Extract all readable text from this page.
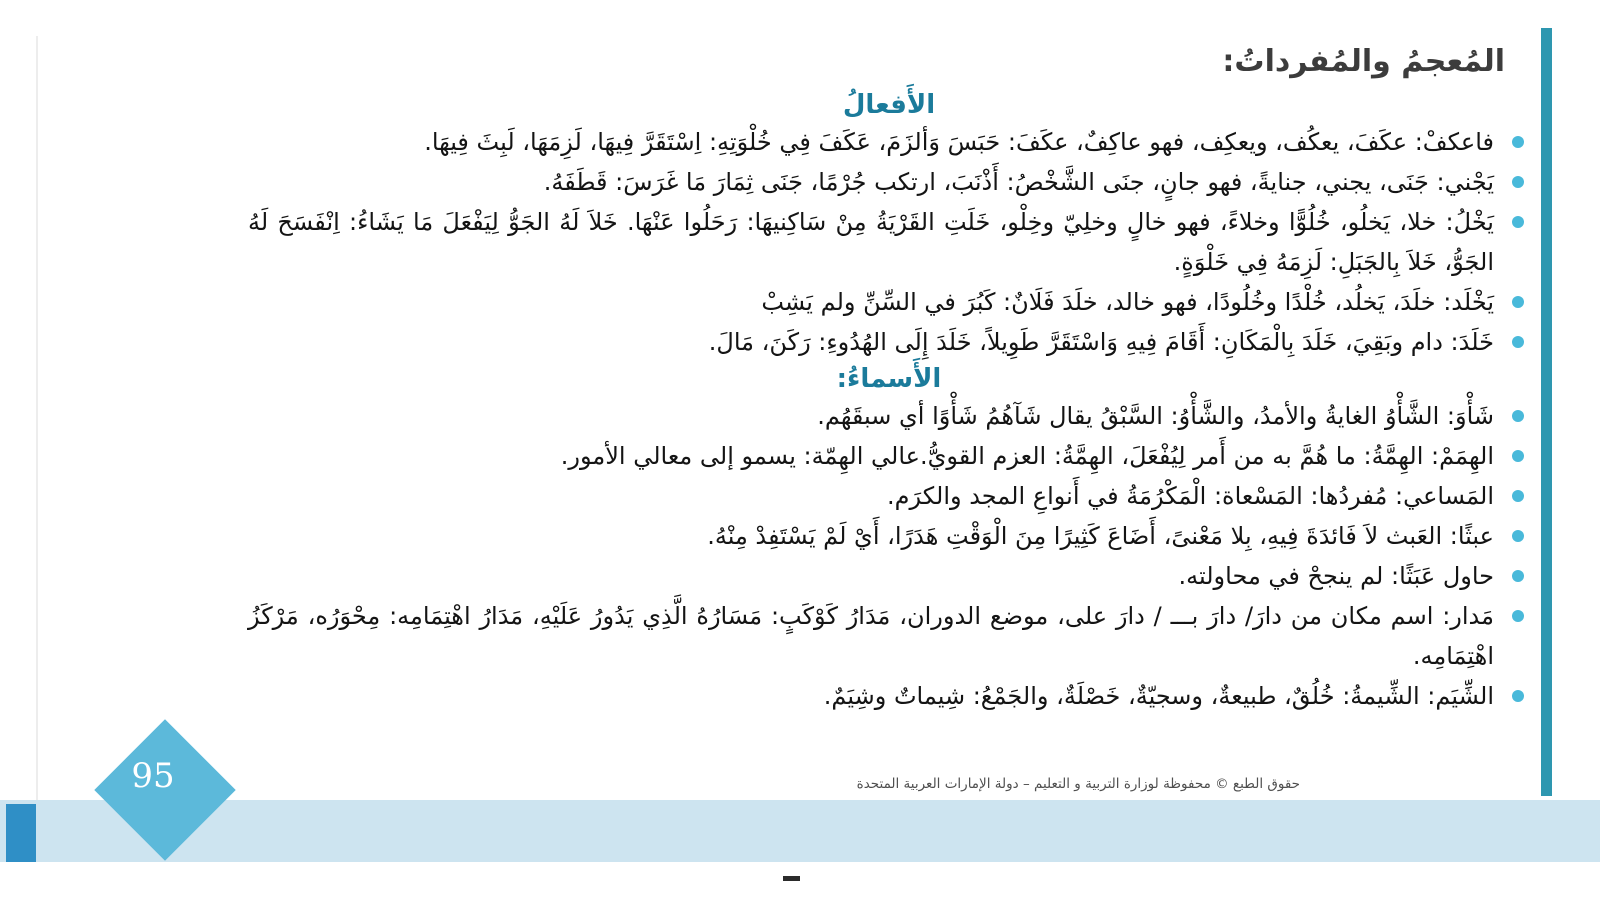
المُعجمُ والمُفرداتُ:
الأَفعالُ
فاعكفْ: عكَفَ، يعكُف، ويعكِف، فهو عاكِفٌ، عكَفَ: حَبَسَ وَألزَمَ، عَكَفَ فِي خُلْوَتِهِ: اِسْتَقَرَّ فِيهَا، لَزِمَهَا، لَبِثَ فِيهَا.
يَجْني: جَنَى، يجني، جنايةً، فهو جانٍ، جنَى الشَّخْصُ: أَذْنَبَ، ارتكب جُرْمًا، جَنَى ثِمَارَ مَا غَرَسَ: قَطَفَهُ.
يَخْلُ: خلا، يَخلُو، خُلُوًّا وخلاءً، فهو خالٍ وخلِيّ وخِلْو، خَلَتِ القَرْيَةُ مِنْ سَاكِنيهَا: رَحَلُوا عَنْهَا. خَلاَ لَهُ الجَوُّ لِيَفْعَلَ مَا يَشَاءُ: اِنْفَسَحَ لَهُ الجَوُّ، خَلاَ بِالجَبَلِ: لَزِمَهُ فِي خَلْوَةٍ.
يَخْلَد: خلَدَ، يَخلُد، خُلْدًا وخُلُودًا، فهو خالد، خلَدَ فَلَانٌ: كَبُرَ في السِّنِّ ولم يَشِبْ
خَلَدَ: دام وبَقِيَ، خَلَدَ بِالْمَكَانِ: أَقَامَ فِيهِ وَاسْتَقَرَّ طَوِيلاً، خَلَدَ إِلَى الهُدُوءِ: رَكَنَ، مَالَ.
الأَسماءُ:
شَأْوَ: الشَّأْوُ الغايةُ والأمدُ، والشَّأْوُ: السَّبْقُ يقال شَآهُمُ شَأْوًا أي سبقَهُم.
الهِمَمْ: الهِمَّةُ: ما هُمَّ به من أَمر لِيُفْعَلَ، الهِمَّةُ: العزم القويُّ.عالي الهِمّة: يسمو إلى معالي الأمور.
المَساعي: مُفردُها: المَسْعاة: الْمَكْرُمَةُ في أَنواعِ المجد والكرَم.
عبثًا: العَبث لاَ فَائدَةَ فِيهِ، بِلا مَعْنىً، أَضَاعَ كَثِيرًا مِنَ الْوَقْتِ هَدَرًا، أَيْ لَمْ يَسْتَفِدْ مِنْهُ.
حاول عَبَثًا: لم ينجحْ في محاولته.
مَدار: اسم مكان من دارَ/ دارَ بـــ / دارَ على، موضع الدوران، مَدَارُ كَوْكَبٍ: مَسَارُهُ الَّذِي يَدُورُ عَلَيْهِ، مَدَارُ اهْتِمَامِه: مِحْوَرُه، مَرْكَزُ اهْتِمَامِه.
الشِّيَم: الشِّيمةُ: خُلُقٌ، طبيعةٌ، وسجيّةٌ، خَصْلَةٌ، والجَمْعُ: شِيماتٌ وشِيَمٌ.
حقوق الطبع © محفوظة لوزارة التربية و التعليم – دولة الإمارات العربية المتحدة
95
